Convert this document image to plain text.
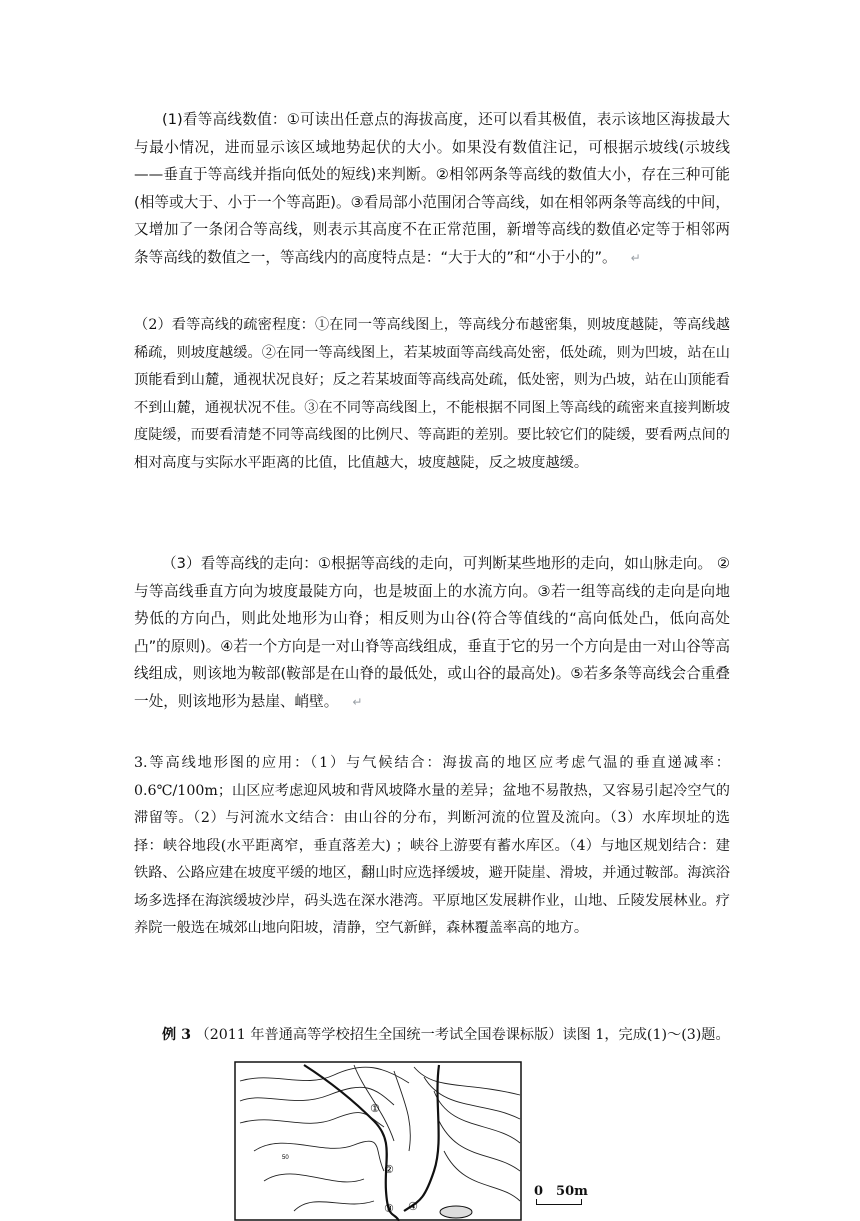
(1)看等高线数值：①可读出任意点的海拔高度，还可以看其极值，表示该地区海拔最大与最小情况，进而显示该区域地势起伏的大小。如果没有数值注记，可根据示坡线(示坡线——垂直于等高线并指向低处的短线)来判断。②相邻两条等高线的数值大小，存在三种可能(相等或大于、小于一个等高距)。③看局部小范围闭合等高线，如在相邻两条等高线的中间，又增加了一条闭合等高线，则表示其高度不在正常范围，新增等高线的数值必定等于相邻两条等高线的数值之一，等高线内的高度特点是：“大于大的”和“小于小的”。 ↵

（2）看等高线的疏密程度：①在同一等高线图上，等高线分布越密集，则坡度越陡，等高线越稀疏，则坡度越缓。②在同一等高线图上，若某坡面等高线高处密，低处疏，则为凹坡，站在山顶能看到山麓，通视状况良好；反之若某坡面等高线高处疏，低处密，则为凸坡，站在山顶能看不到山麓，通视状况不佳。③在不同等高线图上，不能根据不同图上等高线的疏密来直接判断坡度陡缓，而要看清楚不同等高线图的比例尺、等高距的差别。要比较它们的陡缓，要看两点间的相对高度与实际水平距离的比值，比值越大，坡度越陡，反之坡度越缓。

（3）看等高线的走向：①根据等高线的走向，可判断某些地形的走向，如山脉走向。 ②与等高线垂直方向为坡度最陡方向，也是坡面上的水流方向。③若一组等高线的走向是向地势低的方向凸，则此处地形为山脊；相反则为山谷(符合等值线的“高向低处凸，低向高处凸”的原则)。④若一个方向是一对山脊等高线组成，垂直于它的另一个方向是由一对山谷等高线组成，则该地为鞍部(鞍部是在山脊的最低处，或山谷的最高处)。⑤若多条等高线会合重叠一处，则该地形为悬崖、峭壁。 ↵

3.等高线地形图的应用：（1）与气候结合：海拔高的地区应考虑气温的垂直递减率：0.6℃/100m；山区应考虑迎风坡和背风坡降水量的差异；盆地不易散热，又容易引起冷空气的滞留等。（2）与河流水文结合：由山谷的分布，判断河流的位置及流向。（3）水库坝址的选择：峡谷地段(水平距离窄，垂直落差大) ；峡谷上游要有蓄水库区。（4）与地区规划结合：建铁路、公路应建在坡度平缓的地区，翻山时应选择缓坡，避开陡崖、滑坡，并通过鞍部。海滨浴场多选择在海滨缓坡沙岸，码头选在深水港湾。平原地区发展耕作业，山地、丘陵发展林业。疗养院一般选在城郊山地向阳坡，清静，空气新鲜，森林覆盖率高的地方。

例 3 （2011 年普通高等学校招生全国统一考试全国卷课标版）读图 1，完成(1)～(3)题。

50
①
②
③ ④
0　50m
